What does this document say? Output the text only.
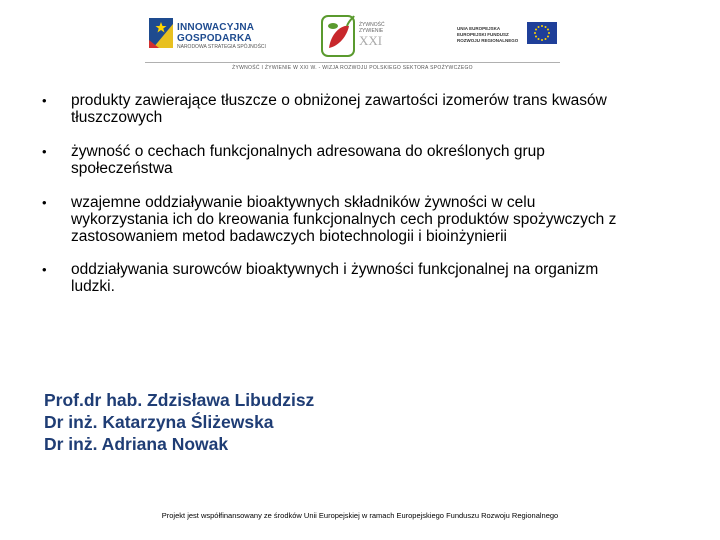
INNOWACYJNA
GOSPODARKA
NARODOWA STRATEGIA SPÓJNOŚCI
ŻYWNOŚĆ
ZYWIENIE
XXI
UNIA EUROPEJSKA
EUROPEJSKI FUNDUSZ
ROZWOJU REGIONALNEGO
ŻYWNOŚĆ I ŻYWIENIE W XXI W. - WIZJA ROZWOJU POLSKIEGO SEKTORA SPOŻYWCZEGO
• produkty zawierające tłuszcze o obniżonej zawartości izomerów trans kwasów tłuszczowych
• żywność o cechach funkcjonalnych adresowana do określonych grup społeczeństwa
• wzajemne oddziaływanie bioaktywnych składników żywności w celu wykorzystania ich do kreowania funkcjonalnych cech produktów spożywczych z zastosowaniem metod badawczych biotechnologii i bioinżynierii
• oddziaływania surowców bioaktywnych i żywności funkcjonalnej na organizm ludzki.
Prof.dr hab. Zdzisława Libudzisz
Dr inż. Katarzyna Śliżewska
Dr inż. Adriana Nowak
Projekt jest współfinansowany ze środków Unii Europejskiej w ramach Europejskiego Funduszu Rozwoju Regionalnego
